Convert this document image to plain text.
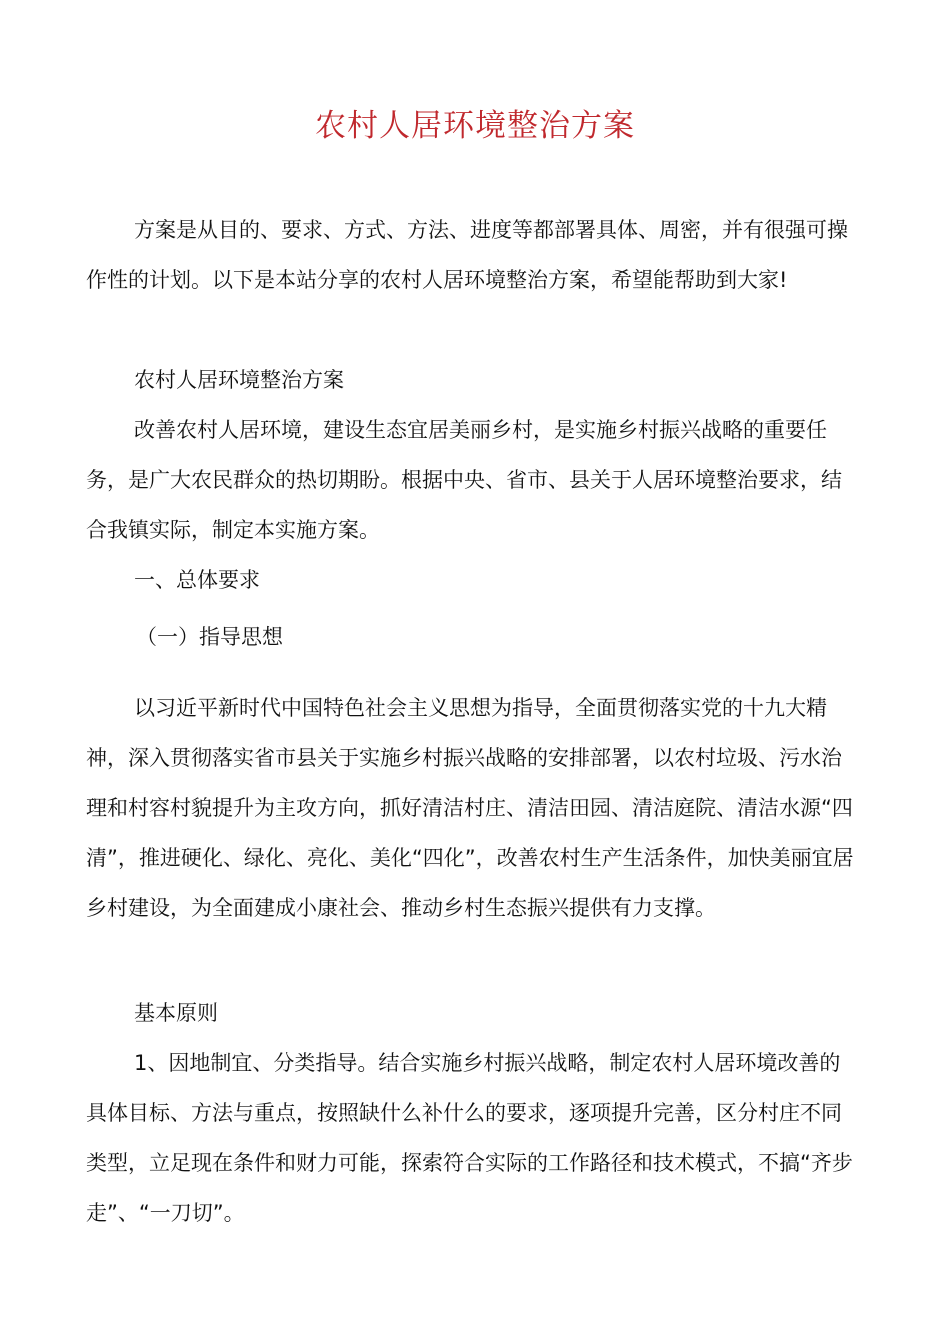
农村人居环境整治方案

方案是从目的、要求、方式、方法、进度等都部署具体、周密，并有很强可操作性的计划。以下是本站分享的农村人居环境整治方案，希望能帮助到大家!

农村人居环境整治方案

改善农村人居环境，建设生态宜居美丽乡村，是实施乡村振兴战略的重要任务，是广大农民群众的热切期盼。根据中央、省市、县关于人居环境整治要求，结合我镇实际，制定本实施方案。

一、总体要求

（一）指导思想

以习近平新时代中国特色社会主义思想为指导，全面贯彻落实党的十九大精神，深入贯彻落实省市县关于实施乡村振兴战略的安排部署，以农村垃圾、污水治理和村容村貌提升为主攻方向，抓好清洁村庄、清洁田园、清洁庭院、清洁水源“四清”，推进硬化、绿化、亮化、美化“四化”，改善农村生产生活条件，加快美丽宜居乡村建设，为全面建成小康社会、推动乡村生态振兴提供有力支撑。

基本原则

1、因地制宜、分类指导。结合实施乡村振兴战略，制定农村人居环境改善的具体目标、方法与重点，按照缺什么补什么的要求，逐项提升完善，区分村庄不同类型，立足现在条件和财力可能，探索符合实际的工作路径和技术模式，不搞“齐步走”、“一刀切”。
